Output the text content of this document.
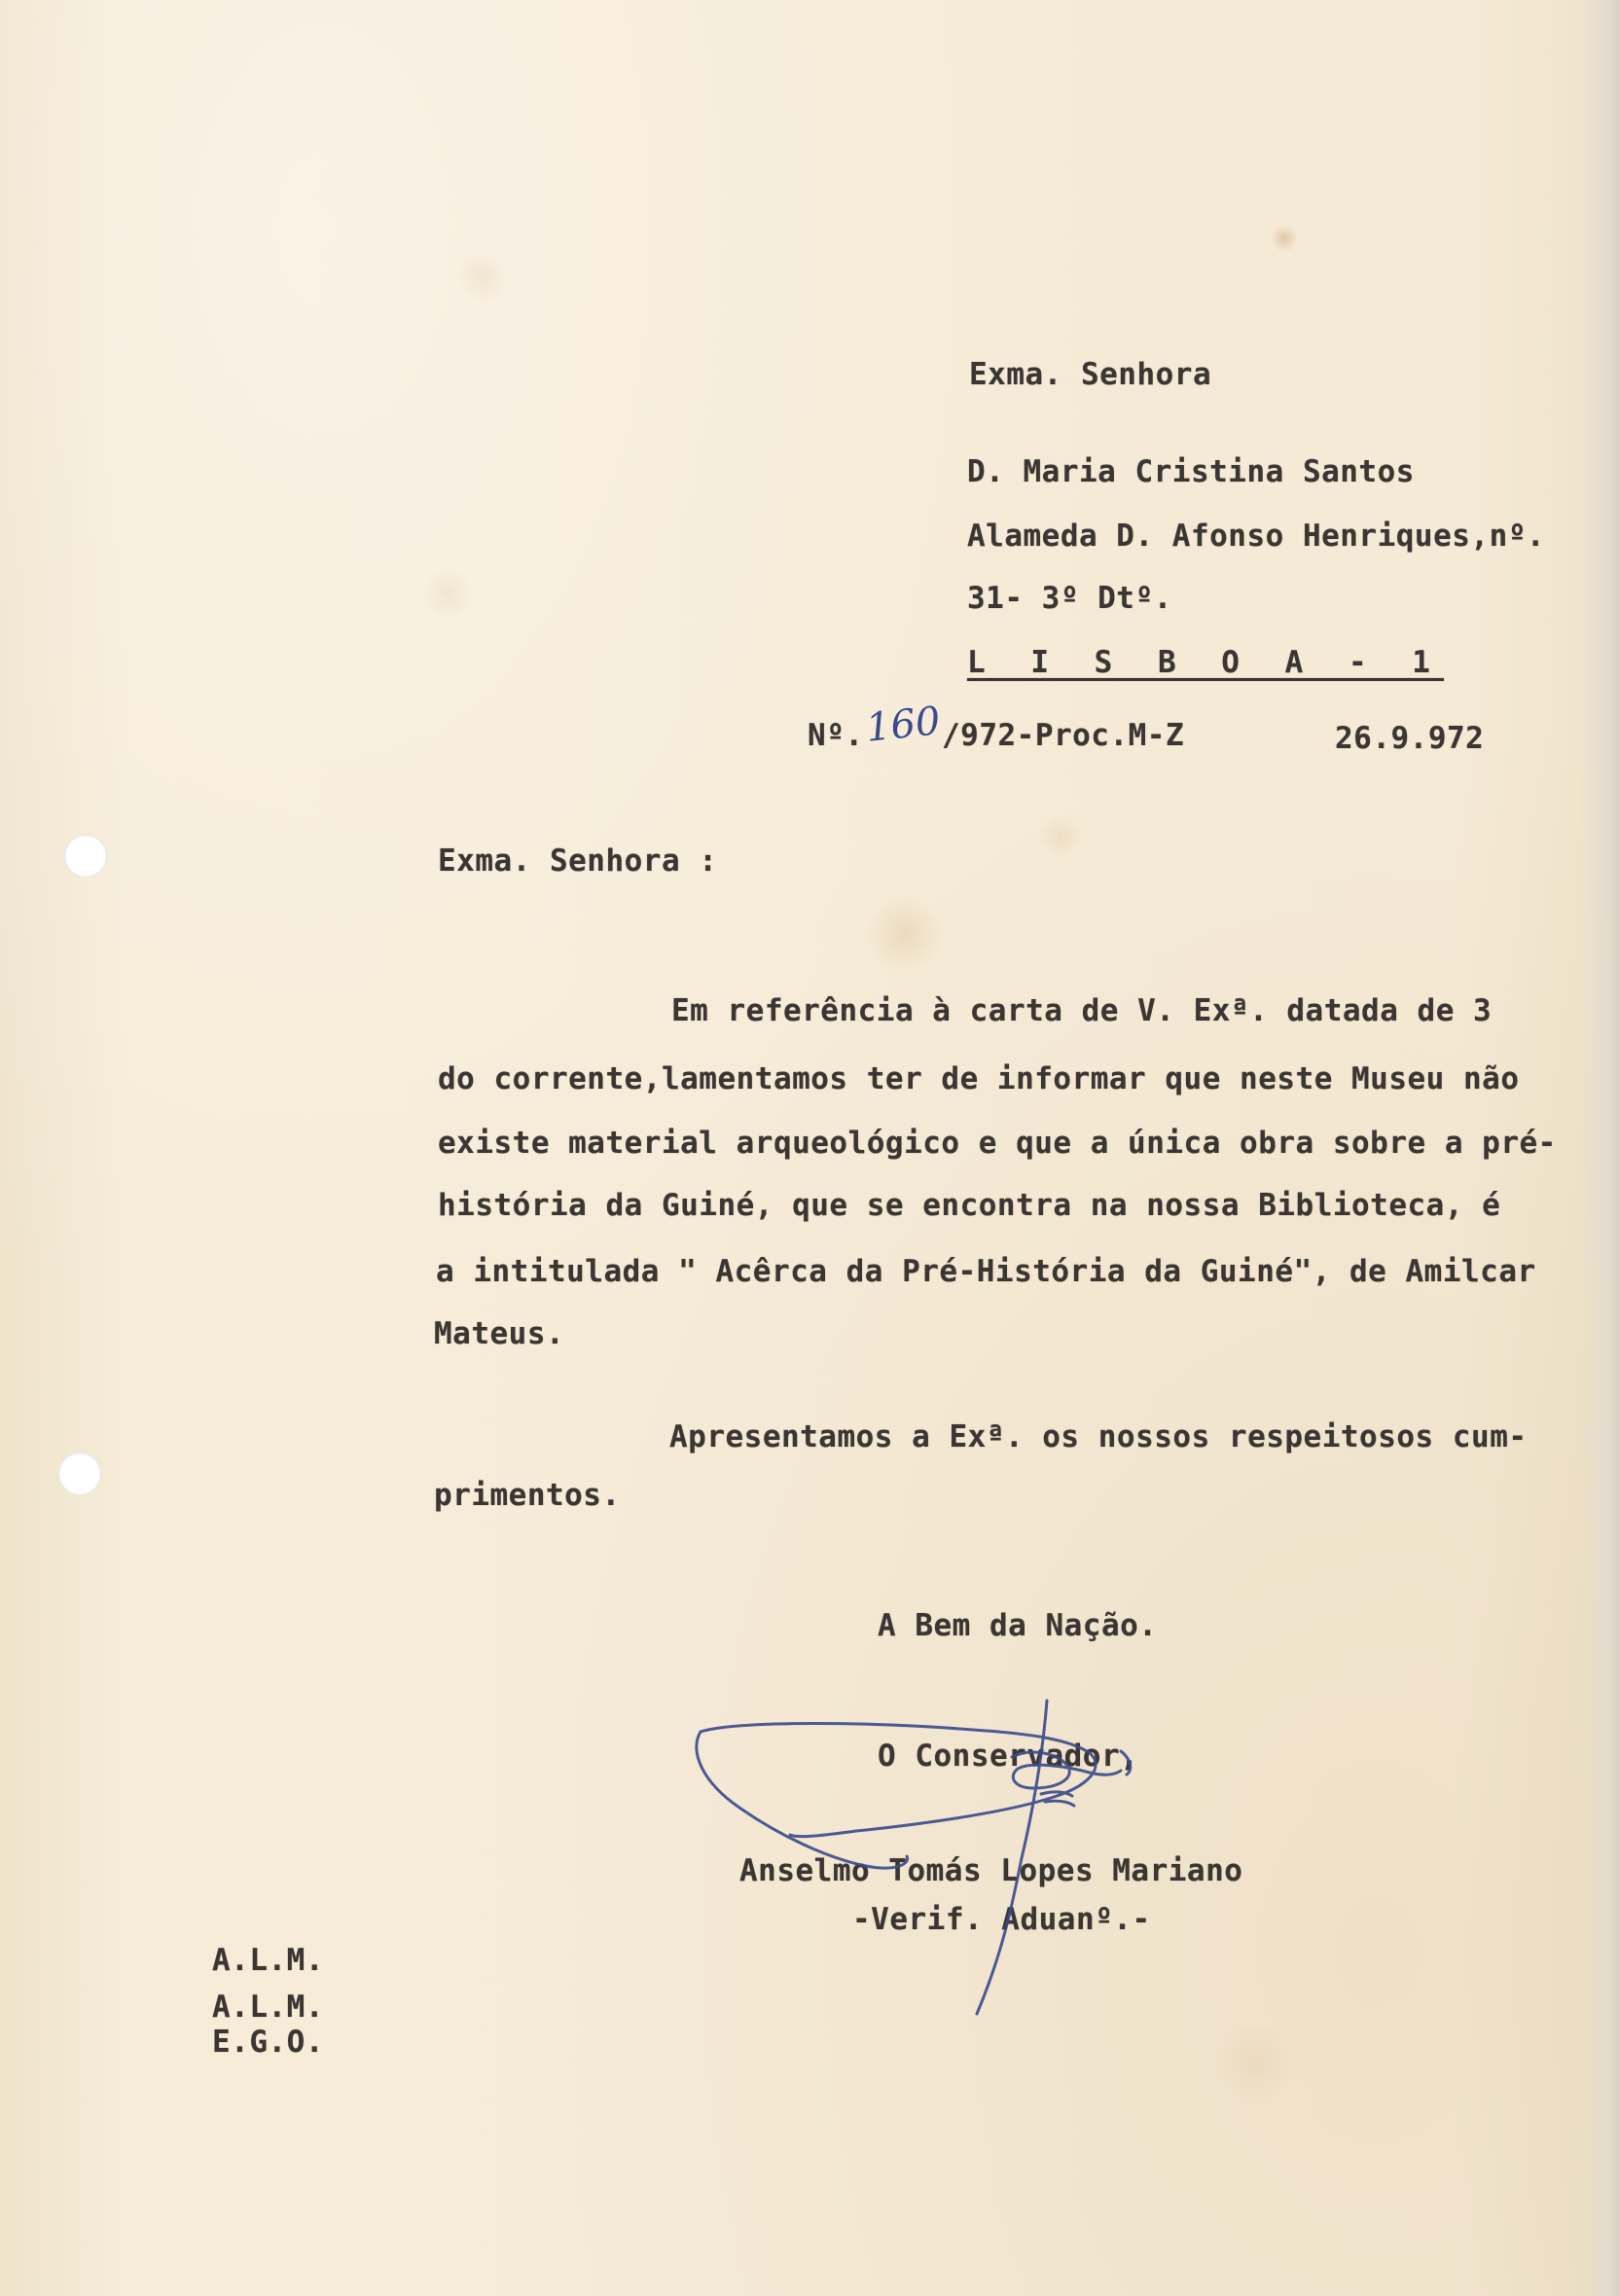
Exma. Senhora
D. Maria Cristina Santos
Alameda D. Afonso Henriques,nº.
31- 3º Dtº.
L I S B O A - 1
Nº. 160 /972-Proc.M-Z	26.9.972
Exma. Senhora :
Em referência à carta de V. Exª. datada de 3
do corrente,lamentamos ter de informar que neste Museu não
existe material arqueológico e que a única obra sobre a pré-
história da Guiné, que se encontra na nossa Biblioteca, é
a intitulada " Acêrca da Pré-História da Guiné", de Amilcar
Mateus.
Apresentamos a Exª. os nossos respeitosos cum-
primentos.
A Bem da Nação.
O Conservador,
Anselmo Tomás Lopes Mariano
-Verif. Aduanº.-
A.L.M.
A.L.M.
E.G.O.
